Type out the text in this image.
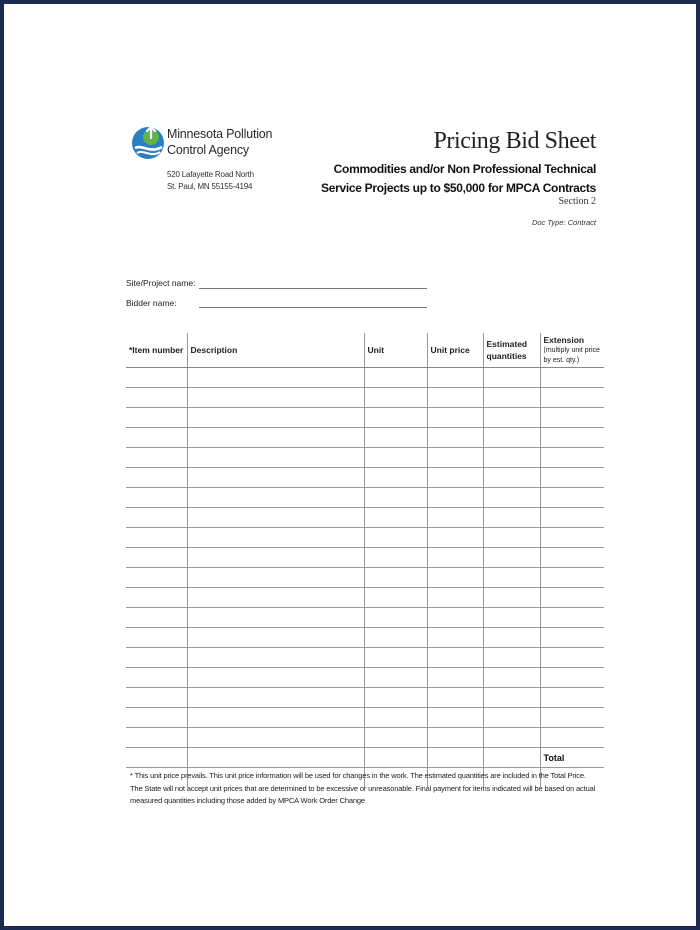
Minnesota Pollution
Control Agency
520 Lafayette Road North
St. Paul, MN 55155-4194
Pricing Bid Sheet
Commodities and/or Non Professional Technical
Service Projects up to $50,000 for MPCA Contracts
Section 2
Doc Type: Contract
Site/Project name:
Bidder name:
*Item number	Description	Unit	Unit price	Estimated quantities	Extension
(multiply unit price by est. qty.)

					Total

* This unit price prevails. This unit price information will be used for changes in the work. The estimated quantities are included in the Total Price. The State will not accept unit prices that are determined to be excessive or unreasonable. Final payment for items indicated will be based on actual measured quantities including those added by MPCA Work Order Change
